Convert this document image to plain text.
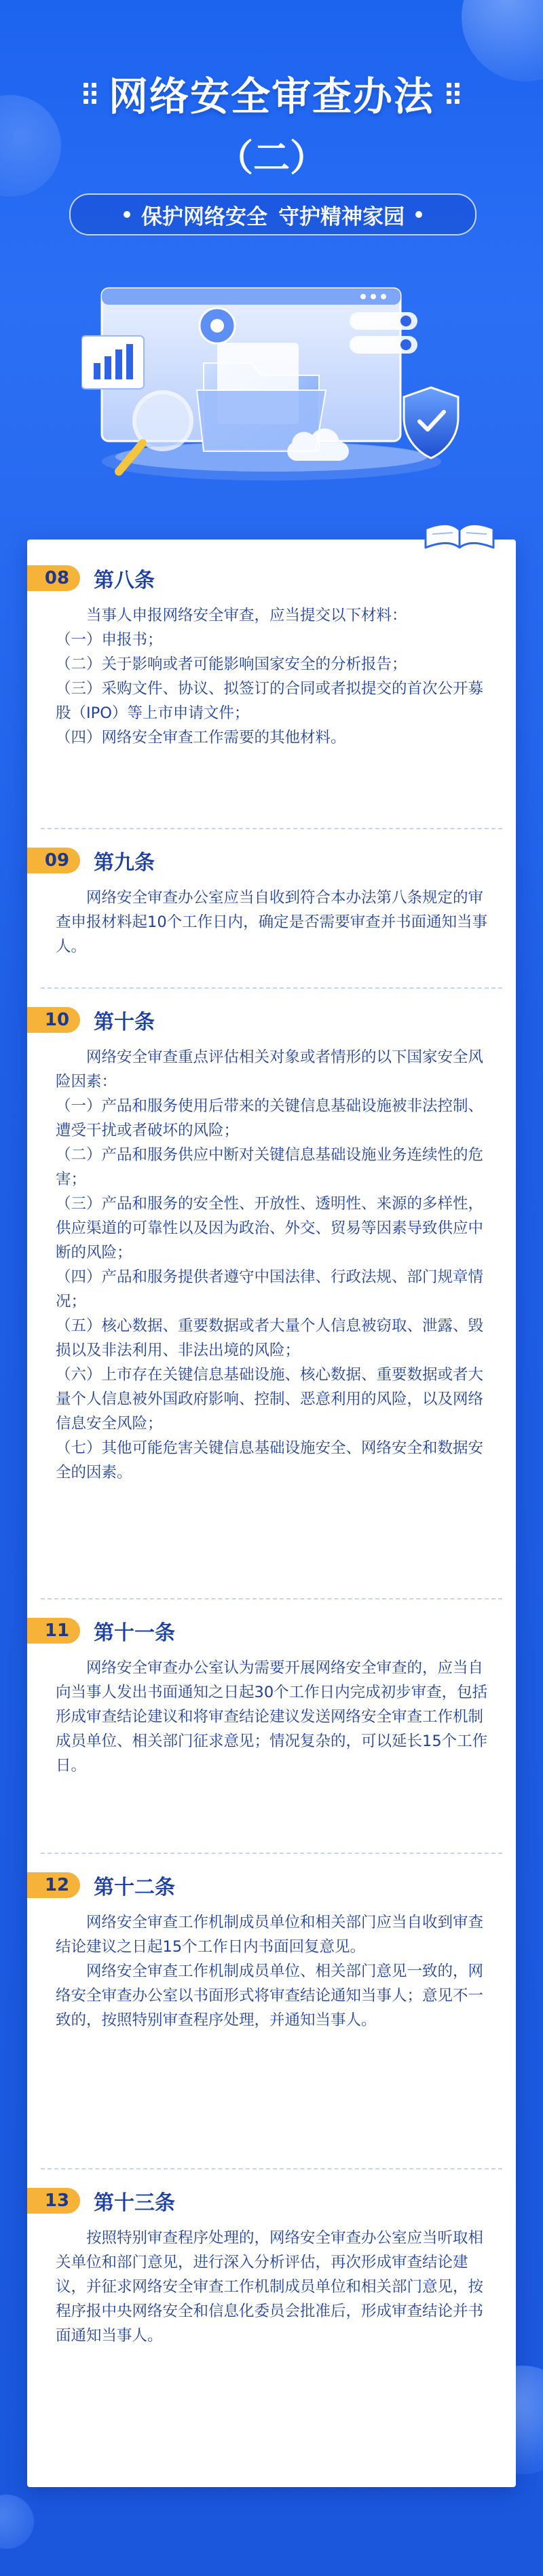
网络安全审查办法
（二）
保护网络安全 守护精神家园
08	第八条

当事人申报网络安全审查，应当提交以下材料：

（一）申报书；

（二）关于影响或者可能影响国家安全的分析报告；

（三）采购文件、协议、拟签订的合同或者拟提交的首次公开募股（IPO）等上市申请文件；

（四）网络安全审查工作需要的其他材料。

09	第九条

网络安全审查办公室应当自收到符合本办法第八条规定的审查申报材料起10个工作日内，确定是否需要审查并书面通知当事人。

10	第十条

网络安全审查重点评估相关对象或者情形的以下国家安全风险因素：

（一）产品和服务使用后带来的关键信息基础设施被非法控制、遭受干扰或者破坏的风险；

（二）产品和服务供应中断对关键信息基础设施业务连续性的危害；

（三）产品和服务的安全性、开放性、透明性、来源的多样性，供应渠道的可靠性以及因为政治、外交、贸易等因素导致供应中断的风险；

（四）产品和服务提供者遵守中国法律、行政法规、部门规章情况；

（五）核心数据、重要数据或者大量个人信息被窃取、泄露、毁损以及非法利用、非法出境的风险；

（六）上市存在关键信息基础设施、核心数据、重要数据或者大量个人信息被外国政府影响、控制、恶意利用的风险，以及网络信息安全风险；

（七）其他可能危害关键信息基础设施安全、网络安全和数据安全的因素。

11	第十一条

网络安全审查办公室认为需要开展网络安全审查的，应当自向当事人发出书面通知之日起30个工作日内完成初步审查，包括形成审查结论建议和将审查结论建议发送网络安全审查工作机制成员单位、相关部门征求意见；情况复杂的，可以延长15个工作日。

12	第十二条

网络安全审查工作机制成员单位和相关部门应当自收到审查结论建议之日起15个工作日内书面回复意见。

网络安全审查工作机制成员单位、相关部门意见一致的，网络安全审查办公室以书面形式将审查结论通知当事人；意见不一致的，按照特别审查程序处理，并通知当事人。

13	第十三条

按照特别审查程序处理的，网络安全审查办公室应当听取相关单位和部门意见，进行深入分析评估，再次形成审查结论建议，并征求网络安全审查工作机制成员单位和相关部门意见，按程序报中央网络安全和信息化委员会批准后，形成审查结论并书面通知当事人。
